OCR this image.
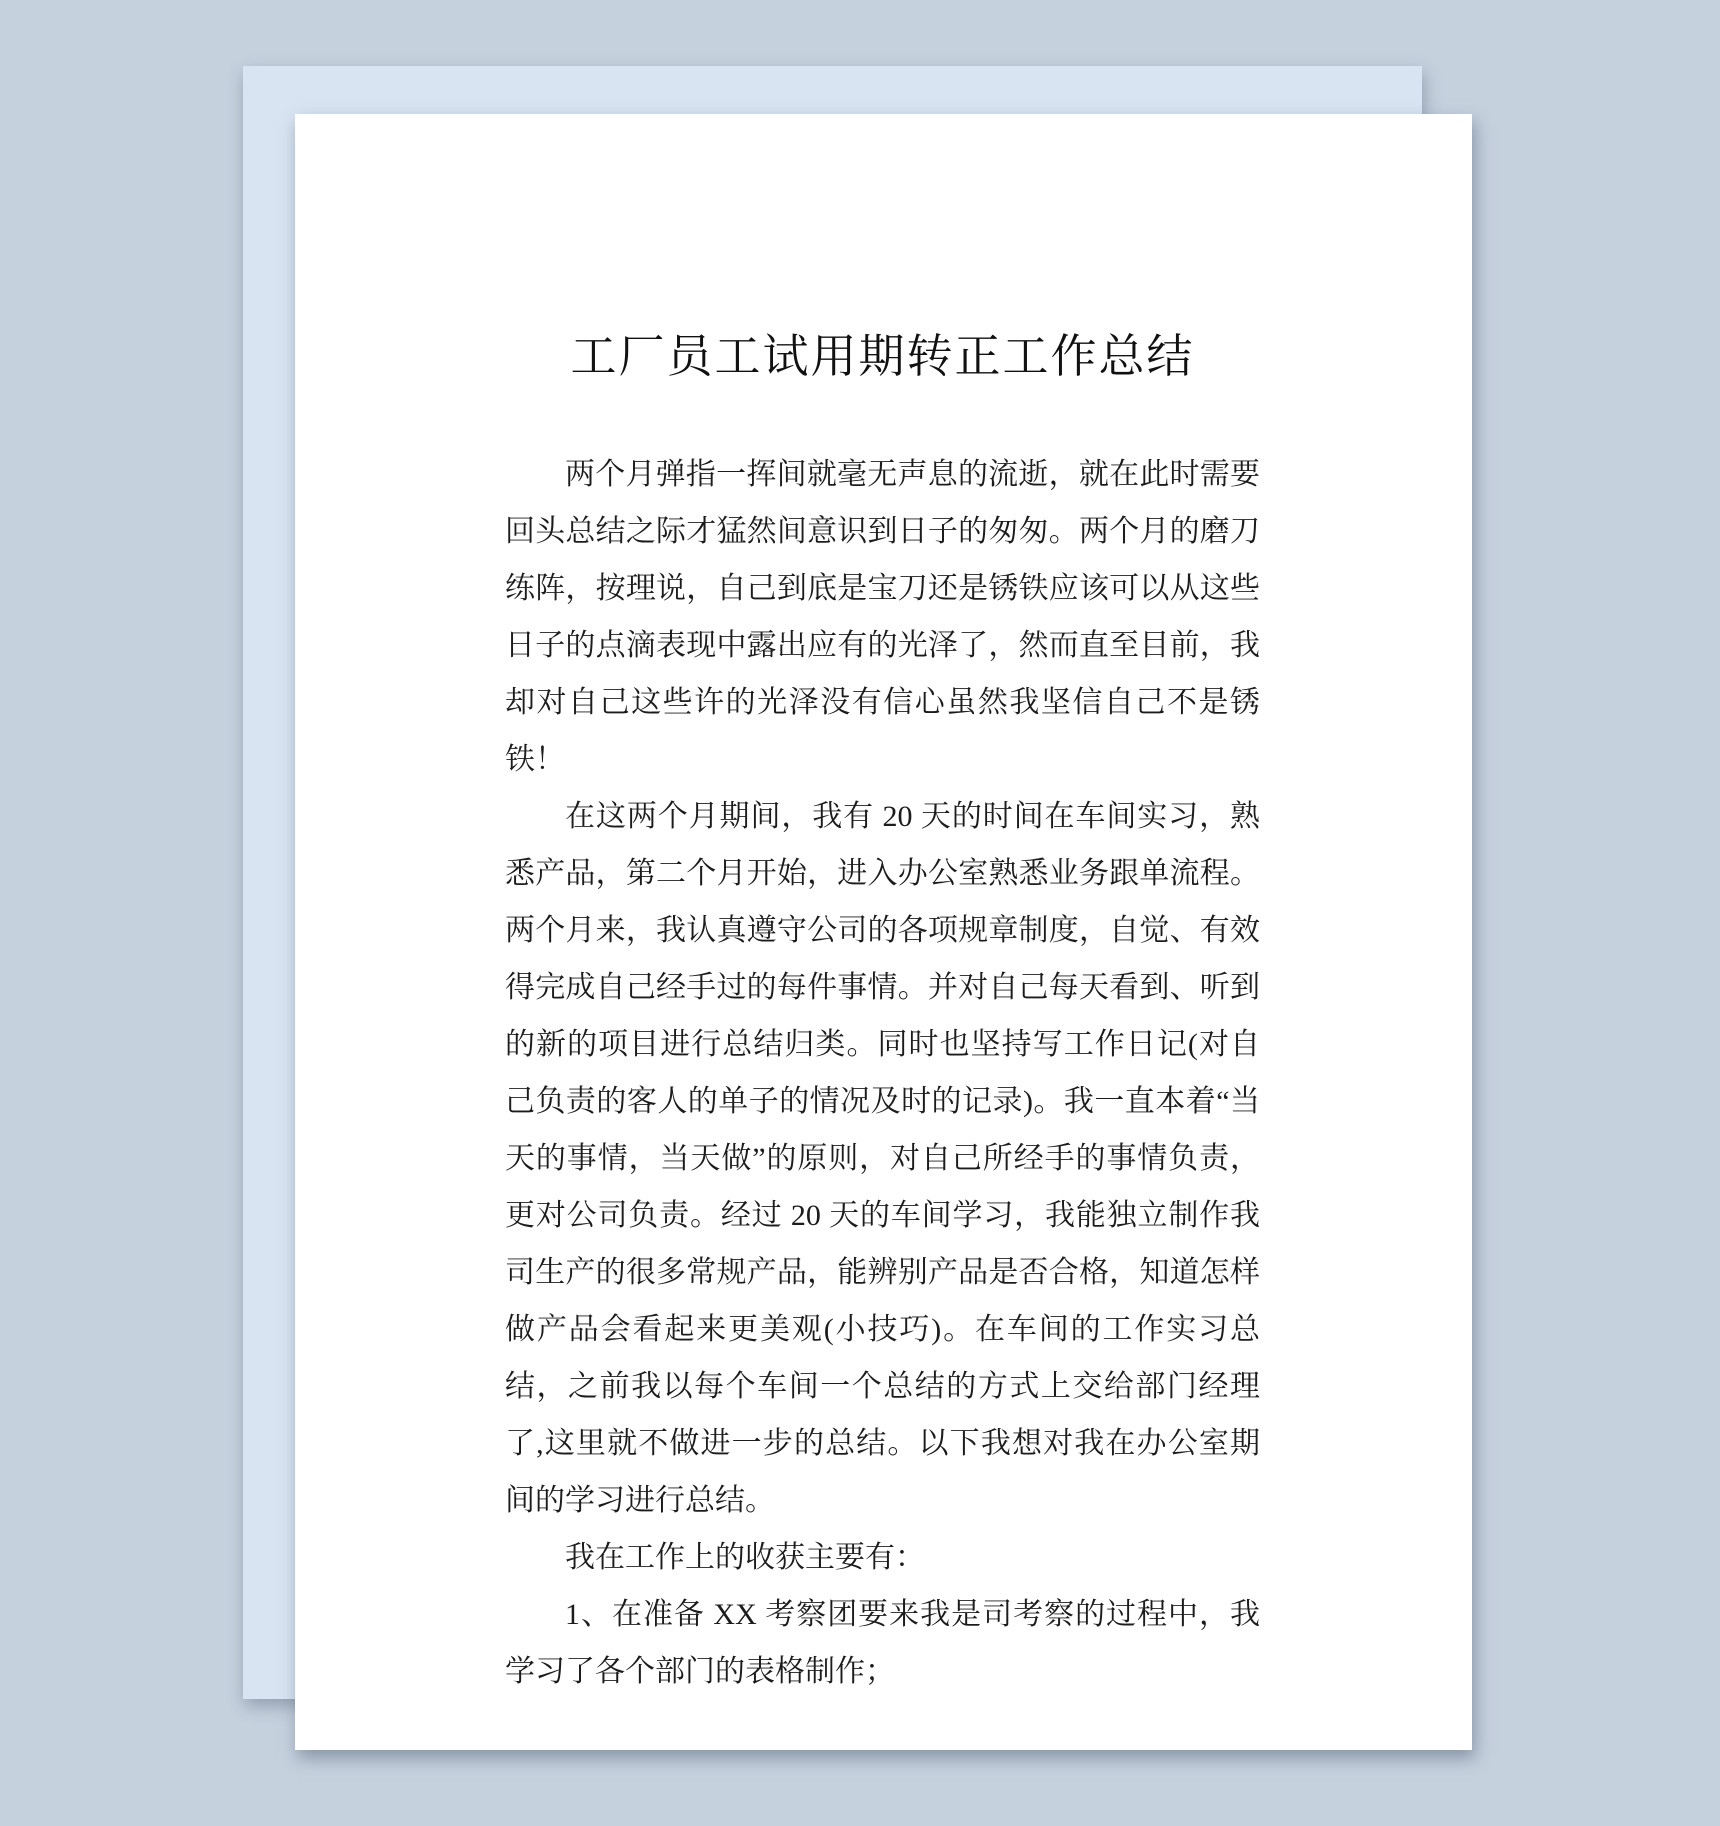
工厂员工试用期转正工作总结

两个月弹指一挥间就毫无声息的流逝，就在此时需要回头总结之际才猛然间意识到日子的匆匆。两个月的磨刀练阵，按理说，自己到底是宝刀还是锈铁应该可以从这些日子的点滴表现中露出应有的光泽了，然而直至目前，我却对自己这些许的光泽没有信心虽然我坚信自己不是锈铁！

在这两个月期间，我有 20 天的时间在车间实习，熟悉产品，第二个月开始，进入办公室熟悉业务跟单流程。两个月来，我认真遵守公司的各项规章制度，自觉、有效得完成自己经手过的每件事情。并对自己每天看到、听到的新的项目进行总结归类。同时也坚持写工作日记(对自己负责的客人的单子的情况及时的记录)。我一直本着“当天的事情，当天做”的原则，对自己所经手的事情负责，更对公司负责。经过 20 天的车间学习，我能独立制作我司生产的很多常规产品，能辨别产品是否合格，知道怎样做产品会看起来更美观(小技巧)。在车间的工作实习总结，之前我以每个车间一个总结的方式上交给部门经理了,这里就不做进一步的总结。以下我想对我在办公室期间的学习进行总结。

我在工作上的收获主要有：

1、在准备 XX 考察团要来我是司考察的过程中，我学习了各个部门的表格制作；
